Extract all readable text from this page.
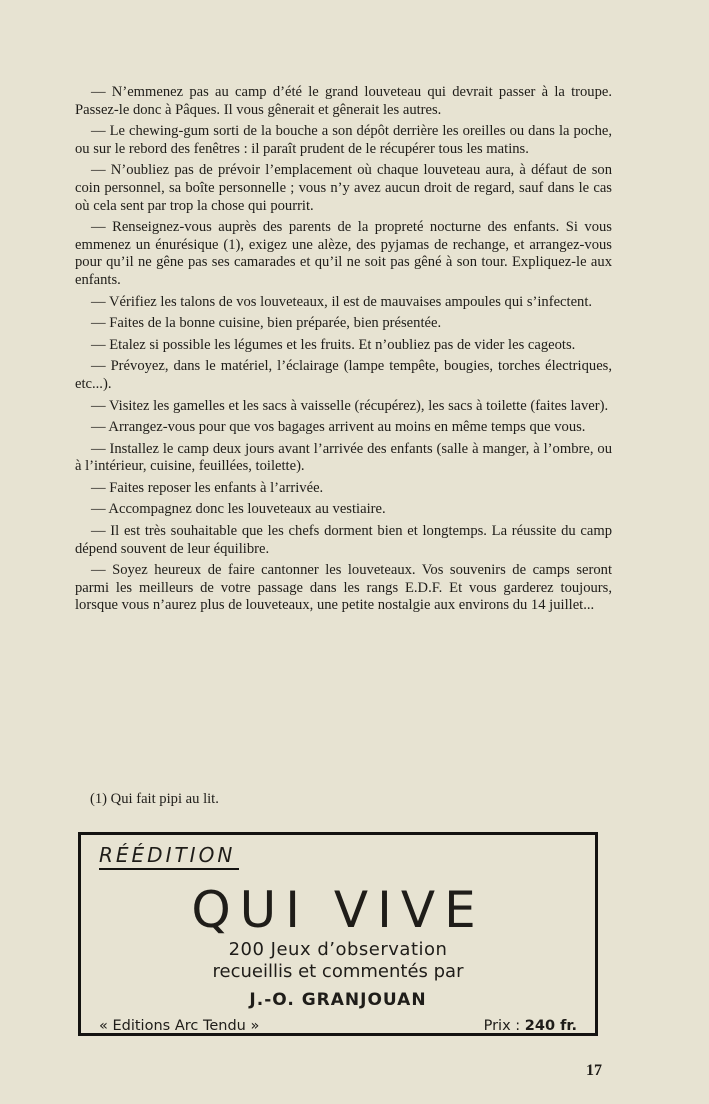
— N’emmenez pas au camp d’été le grand louveteau qui devrait passer à la troupe. Passez-le donc à Pâques. Il vous gênerait et gênerait les autres.

— Le chewing-gum sorti de la bouche a son dépôt derrière les oreilles ou dans la poche, ou sur le rebord des fenêtres : il paraît prudent de le récupérer tous les matins.

— N’oubliez pas de prévoir l’emplacement où chaque louveteau aura, à défaut de son coin personnel, sa boîte personnelle ; vous n’y avez aucun droit de regard, sauf dans le cas où cela sent par trop la chose qui pourrit.

— Renseignez-vous auprès des parents de la propreté nocturne des enfants. Si vous emmenez un énurésique (1), exigez une alèze, des pyjamas de rechange, et arrangez-vous pour qu’il ne gêne pas ses camarades et qu’il ne soit pas gêné à son tour. Expliquez-le aux enfants.

— Vérifiez les talons de vos louveteaux, il est de mauvaises ampoules qui s’infectent.

— Faites de la bonne cuisine, bien préparée, bien présentée.

— Etalez si possible les légumes et les fruits. Et n’oubliez pas de vider les cageots.

— Prévoyez, dans le matériel, l’éclairage (lampe tempête, bougies, torches électriques, etc...).

— Visitez les gamelles et les sacs à vaisselle (récupérez), les sacs à toilette (faites laver).

— Arrangez-vous pour que vos bagages arrivent au moins en même temps que vous.

— Installez le camp deux jours avant l’arrivée des enfants (salle à manger, à l’ombre, ou à l’intérieur, cuisine, feuillées, toilette).

— Faites reposer les enfants à l’arrivée.

— Accompagnez donc les louveteaux au vestiaire.

— Il est très souhaitable que les chefs dorment bien et longtemps. La réussite du camp dépend souvent de leur équilibre.

— Soyez heureux de faire cantonner les louveteaux. Vos souvenirs de camps seront parmi les meilleurs de votre passage dans les rangs E.D.F. Et vous garderez toujours, lorsque vous n’aurez plus de louveteaux, une petite nostalgie aux environs du 14 juillet...

(1) Qui fait pipi au lit.
RÉÉDITION
QUI VIVE
200 Jeux d’observation
recueillis et commentés par
J.-O. GRANJOUAN
« Editions Arc Tendu »	Prix : 240 fr.
17
